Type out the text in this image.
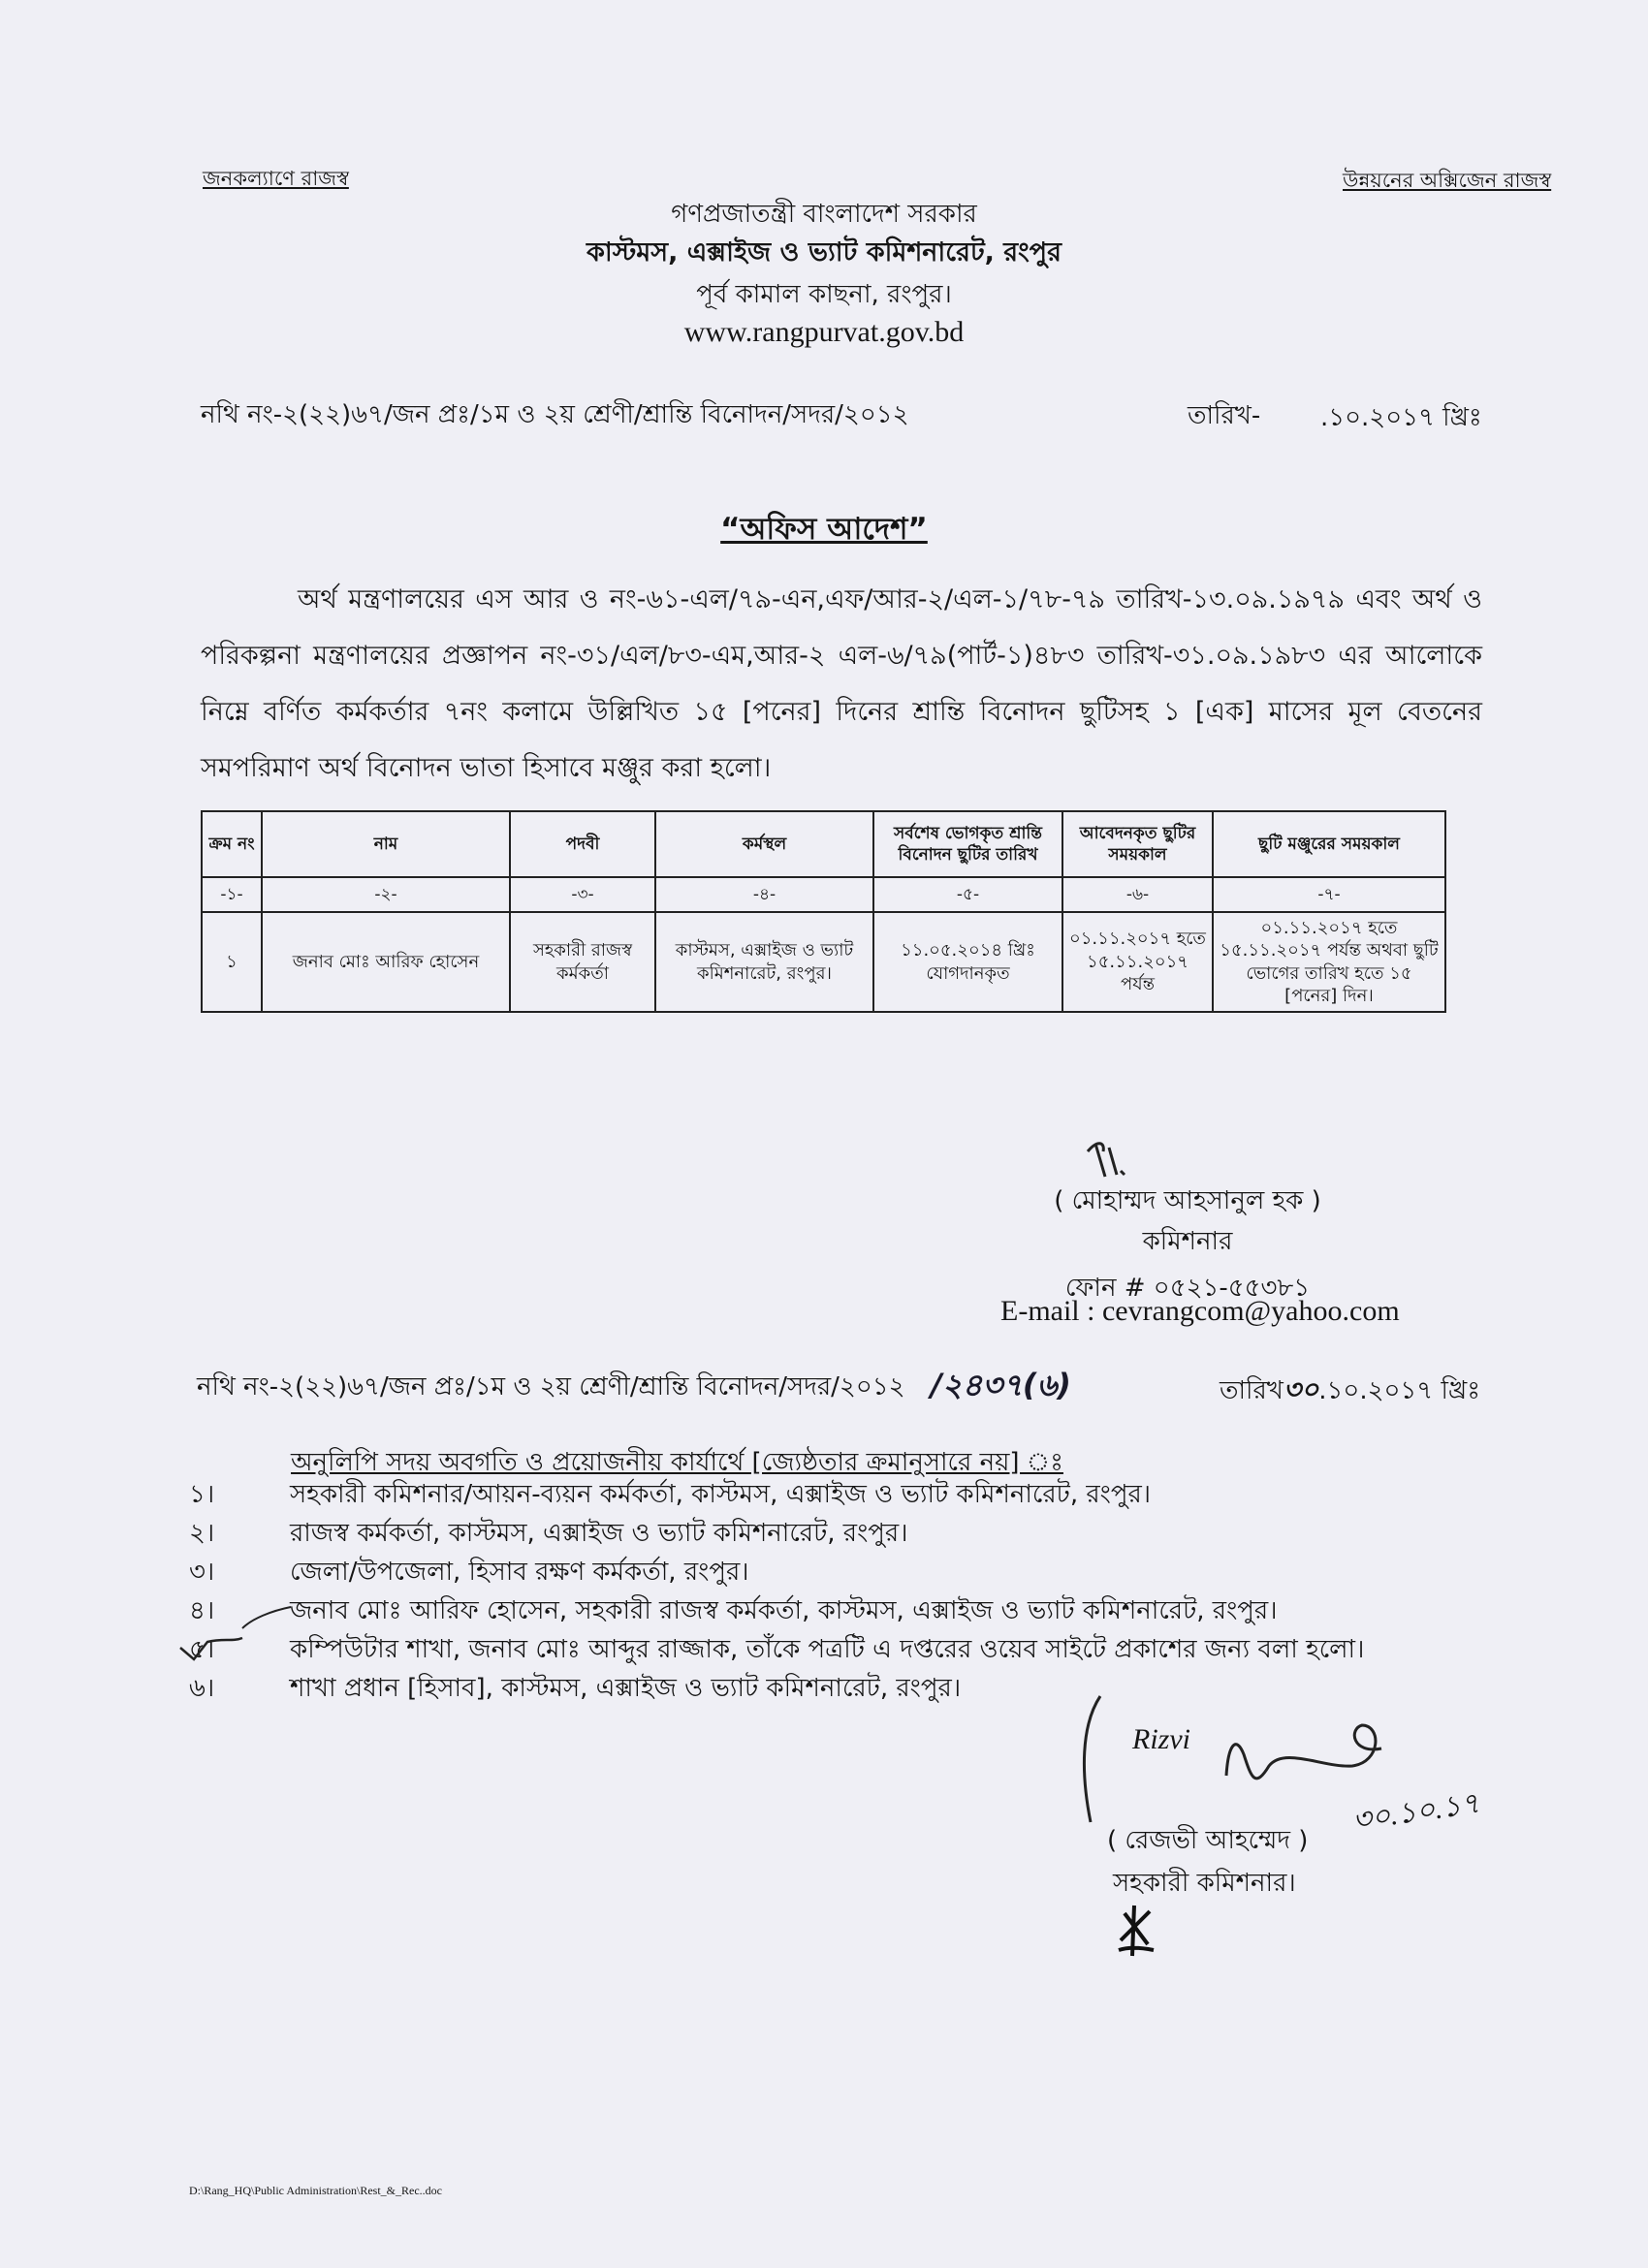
জনকল্যাণে রাজস্ব	উন্নয়নের অক্সিজেন রাজস্ব
গণপ্রজাতন্ত্রী বাংলাদেশ সরকার
কাস্টমস, এক্সাইজ ও ভ্যাট কমিশনারেট, রংপুর
পূর্ব কামাল কাছনা, রংপুর।
www.rangpurvat.gov.bd
নথি নং-২(২২)৬৭/জন প্রঃ/১ম ও ২য় শ্রেণী/শ্রান্তি বিনোদন/সদর/২০১২	তারিখ- .১০.২০১৭ খ্রিঃ
“অফিস আদেশ”
অর্থ মন্ত্রণালয়ের এস আর ও নং-৬১-এল/৭৯-এন,এফ/আর-২/এল-১/৭৮-৭৯ তারিখ-১৩.০৯.১৯৭৯ এবং অর্থ ও পরিকল্পনা মন্ত্রণালয়ের প্রজ্ঞাপন নং-৩১/এল/৮৩-এম,আর-২ এল-৬/৭৯(পার্ট-১)৪৮৩ তারিখ-৩১.০৯.১৯৮৩ এর আলোকে নিম্নে বর্ণিত কর্মকর্তার ৭নং কলামে উল্লিখিত ১৫ [পনের] দিনের শ্রান্তি বিনোদন ছুটিসহ ১ [এক] মাসের মূল বেতনের সমপরিমাণ অর্থ বিনোদন ভাতা হিসাবে মঞ্জুর করা হলো।
ক্রম নং	নাম	পদবী	কর্মস্থল	সর্বশেষ ভোগকৃত শ্রান্তি বিনোদন ছুটির তারিখ	আবেদনকৃত ছুটির সময়কাল	ছুটি মঞ্জুরের সময়কাল
-১-	-২-	-৩-	-৪-	-৫-	-৬-	-৭-
১	জনাব মোঃ আরিফ হোসেন	সহকারী রাজস্ব কর্মকর্তা	কাস্টমস, এক্সাইজ ও ভ্যাট কমিশনারেট, রংপুর।	১১.০৫.২০১৪ খ্রিঃ যোগদানকৃত	০১.১১.২০১৭ হতে ১৫.১১.২০১৭ পর্যন্ত	০১.১১.২০১৭ হতে ১৫.১১.২০১৭ পর্যন্ত অথবা ছুটি ভোগের তারিখ হতে ১৫ [পনের] দিন।
( মোহাম্মদ আহসানুল হক )
কমিশনার
ফোন # ০৫২১-৫৫৩৮১
E-mail : cevrangcom@yahoo.com
নথি নং-২(২২)৬৭/জন প্রঃ/১ম ও ২য় শ্রেণী/শ্রান্তি বিনোদন/সদর/২০১২ /২৪৩৭(৬)	তারিখ৩০.১০.২০১৭ খ্রিঃ
অনুলিপি সদয় অবগতি ও প্রয়োজনীয় কার্যার্থে [জ্যেষ্ঠতার ক্রমানুসারে নয়] ঃ
১।	সহকারী কমিশনার/আয়ন-ব্যয়ন কর্মকর্তা, কাস্টমস, এক্সাইজ ও ভ্যাট কমিশনারেট, রংপুর।
২।	রাজস্ব কর্মকর্তা, কাস্টমস, এক্সাইজ ও ভ্যাট কমিশনারেট, রংপুর।
৩।	জেলা/উপজেলা, হিসাব রক্ষণ কর্মকর্তা, রংপুর।
৪।	জনাব মোঃ আরিফ হোসেন, সহকারী রাজস্ব কর্মকর্তা, কাস্টমস, এক্সাইজ ও ভ্যাট কমিশনারেট, রংপুর।
৫।	কম্পিউটার শাখা, জনাব মোঃ আব্দুর রাজ্জাক, তাঁকে পত্রটি এ দপ্তরের ওয়েব সাইটে প্রকাশের জন্য বলা হলো।
৬।	শাখা প্রধান [হিসাব], কাস্টমস, এক্সাইজ ও ভ্যাট কমিশনারেট, রংপুর।
Rizvi
৩০.১০.১৭
( রেজভী আহম্মেদ )
সহকারী কমিশনার।
D:\Rang_HQ\Public Administration\Rest_&_Rec..doc
